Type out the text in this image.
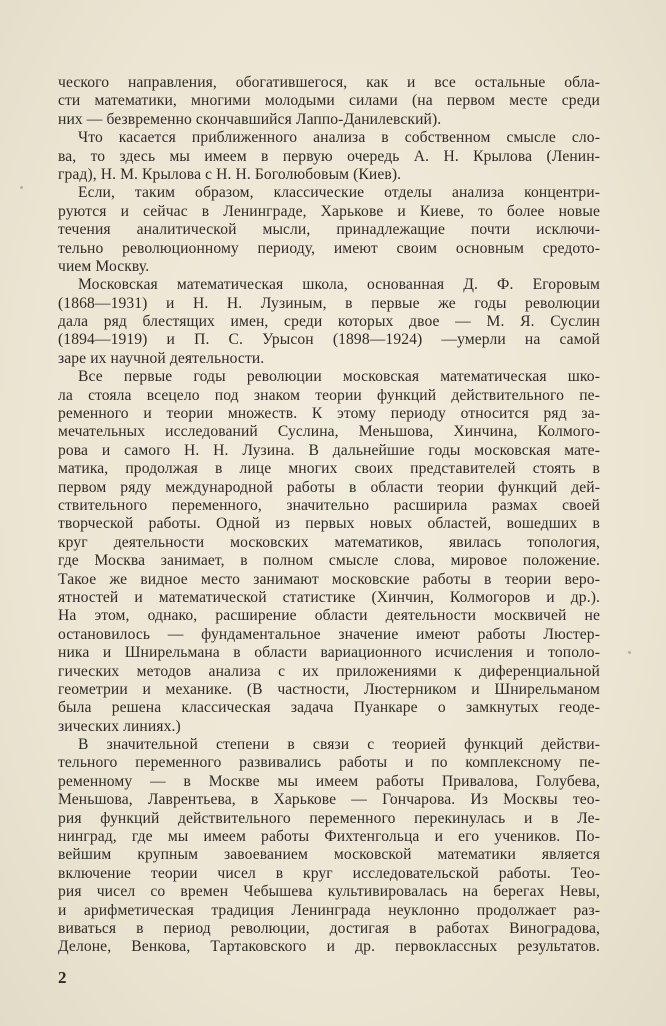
ческого направления, обогатившегося, как и все остальные обла-
сти математики, многими молодыми силами (на первом месте среди
них — безвременно скончавшийся Лаппо-Данилевский).
Что касается приближенного анализа в собственном смысле сло-
ва, то здесь мы имеем в первую очередь А. Н. Крылова (Ленин-
град), Н. М. Крылова с Н. Н. Боголюбовым (Киев).
Если, таким образом, классические отделы анализа концентри-
руются и сейчас в Ленинграде, Харькове и Киеве, то более новые
течения аналитической мысли, принадлежащие почти исключи-
тельно революционному периоду, имеют своим основным средото-
чием Москву.
Московская математическая школа, основанная Д. Ф. Егоровым
(1868—1931) и Н. Н. Лузиным, в первые же годы революции
дала ряд блестящих имен, среди которых двое — М. Я. Суслин
(1894—1919) и П. С. Урысон (1898—1924) —умерли на самой
заре их научной деятельности.
Все первые годы революции московская математическая шко-
ла стояла всецело под знаком теории функций действительного пе-
ременного и теории множеств. К этому периоду относится ряд за-
мечательных исследований Суслина, Меньшова, Хинчина, Колмого-
рова и самого Н. Н. Лузина. В дальнейшие годы московская мате-
матика, продолжая в лице многих своих представителей стоять в
первом ряду международной работы в области теории функций дей-
ствительного переменного, значительно расширила размах своей
творческой работы. Одной из первых новых областей, вошедших в
круг деятельности московских математиков, явилась топология,
где Москва занимает, в полном смысле слова, мировое положение.
Такое же видное место занимают московские работы в теории веро-
ятностей и математической статистике (Хинчин, Колмогоров и др.).
На этом, однако, расширение области деятельности москвичей не
остановилось — фундаментальное значение имеют работы Люстер-
ника и Шнирельмана в области вариационного исчисления и тополо-
гических методов анализа с их приложениями к диференциальной
геометрии и механике. (В частности, Люстерником и Шнирельманом
была решена классическая задача Пуанкаре о замкнутых геоде-
зических линиях.)
В значительной степени в связи с теорией функций действи-
тельного переменного развивались работы и по комплексному пе-
ременному — в Москве мы имеем работы Привалова, Голубева,
Меньшова, Лаврентьева, в Харькове — Гончарова. Из Москвы тео-
рия функций действительного переменного перекинулась и в Ле-
нинград, где мы имеем работы Фихтенгольца и его учеников. По-
вейшим крупным завоеванием московской математики является
включение теории чисел в круг исследовательской работы. Тео-
рия чисел со времен Чебышева культивировалась на берегах Невы,
и арифметическая традиция Ленинграда неуклонно продолжает раз-
виваться в период революции, достигая в работах Виноградова,
Делоне, Венкова, Тартаковского и др. первоклассных результатов.
2
